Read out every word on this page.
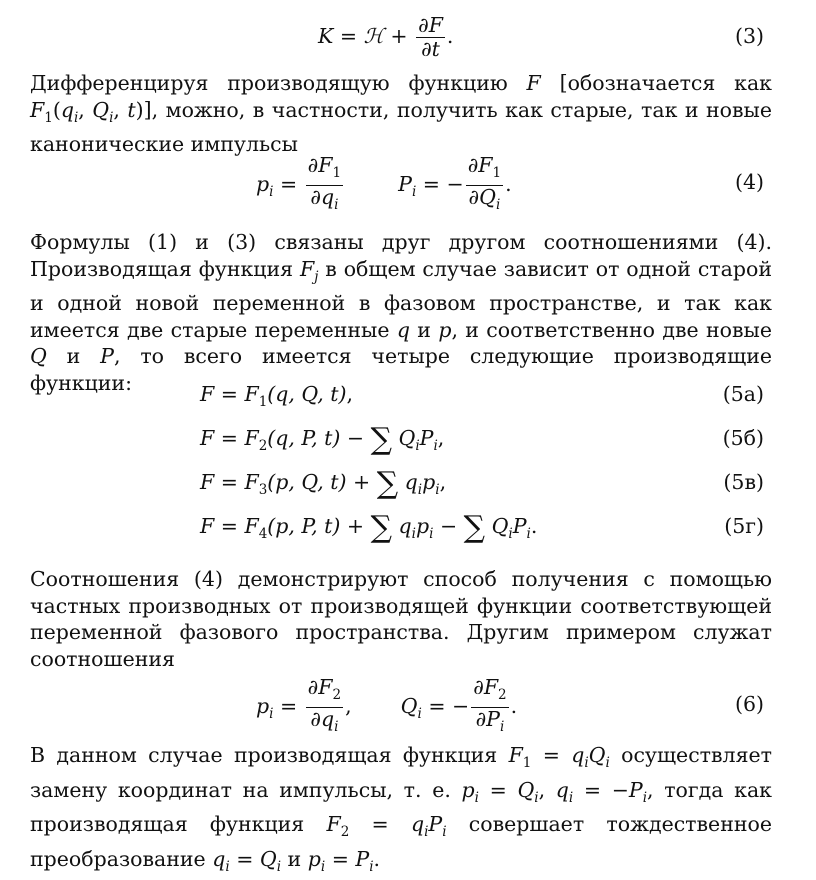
K = ℋ + $\frac{\partial F}{\partial t}$ .	(3)

Дифференцируя производящую функцию F [обозначается как $F_1(q_i$, $Q_i$, t)], можно, в частности, получить как старые, так и новые канонические импульсы

$p_i = \frac{\partial F_1}{\partial q_i}$	$P_i$ = − $\frac{\partial F_1}{\partial Q_i}$ .	(4)

Формулы (1) и (3) связаны друг другом соотношениями (4). Производящая функция $F_j$ в общем случае зависит от одной старой и одной новой переменной в фазовом пространстве, и так как имеется две старые переменные q и p, и соответственно две новые Q и P, то всего имеется четыре следующие производящие функции:	$F = F_1(q$, Q, t),	(5а)
$F = F_2(q$, P, t) − ∑ $Q_iP_i$,	(5б)
$F = F_3(p$, Q, t) + ∑ $q_ip_i$,	(5в)
$F = F_4(p$, P, t) + ∑ $q_ip_i$ − ∑ $Q_iP_i$.	(5г)

Соотношения (4) демонстрируют способ получения с помощью частных производных от производящей функции соответствующей переменной фазового пространства. Другим примером служат соотношения

$p_i = \frac{\partial F_2}{\partial q_i}$ ,  $Q_i$ = − $\frac{\partial F_2}{\partial P_i}$ .	(6)

В данном случае производящая функция $F_1 = q_iQ_i$ осуществляет замену координат на импульсы, т. е. $p_i = Q_i$, $q_i = -P_i$, тогда как производящая функция $F_2 = q_iP_i$ совершает тождественное преобразование $q_i = Q_i$ и $p_i = P_i$.
